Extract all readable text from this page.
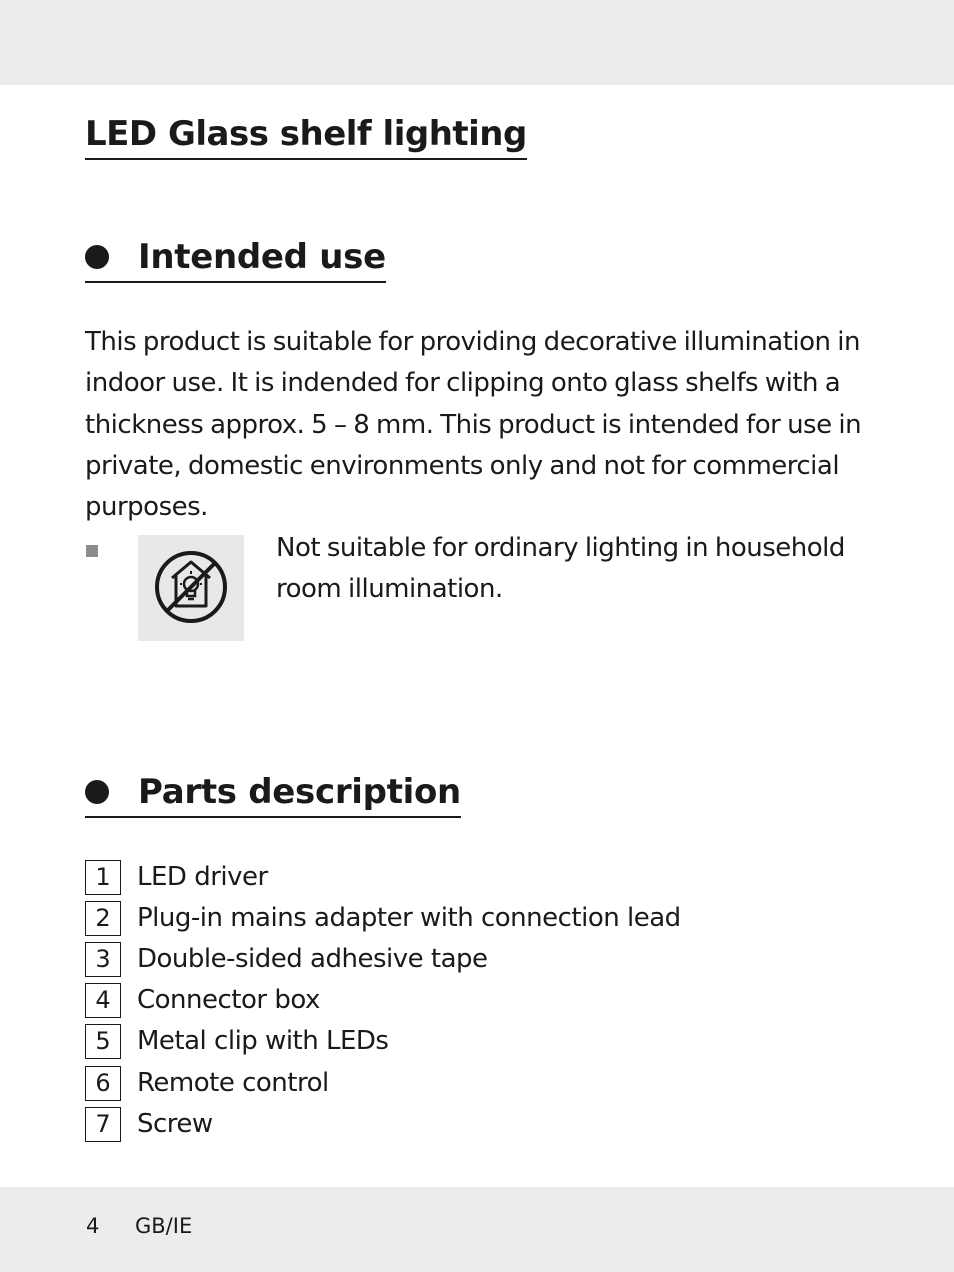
LED Glass shelf lighting
Intended use

This product is suitable for providing decorative illumination in indoor use. It is indended for clipping onto glass shelfs with a thickness approx. 5 – 8 mm. This product is intended for use in private, domestic environments only and not for commercial purposes.

Not suitable for ordinary lighting in household room illumination.

Parts description
1	LED driver
2	Plug-in mains adapter with connection lead
3	Double-sided adhesive tape
4	Connector box
5	Metal clip with LEDs
6	Remote control
7	Screw
4 GB/IE
